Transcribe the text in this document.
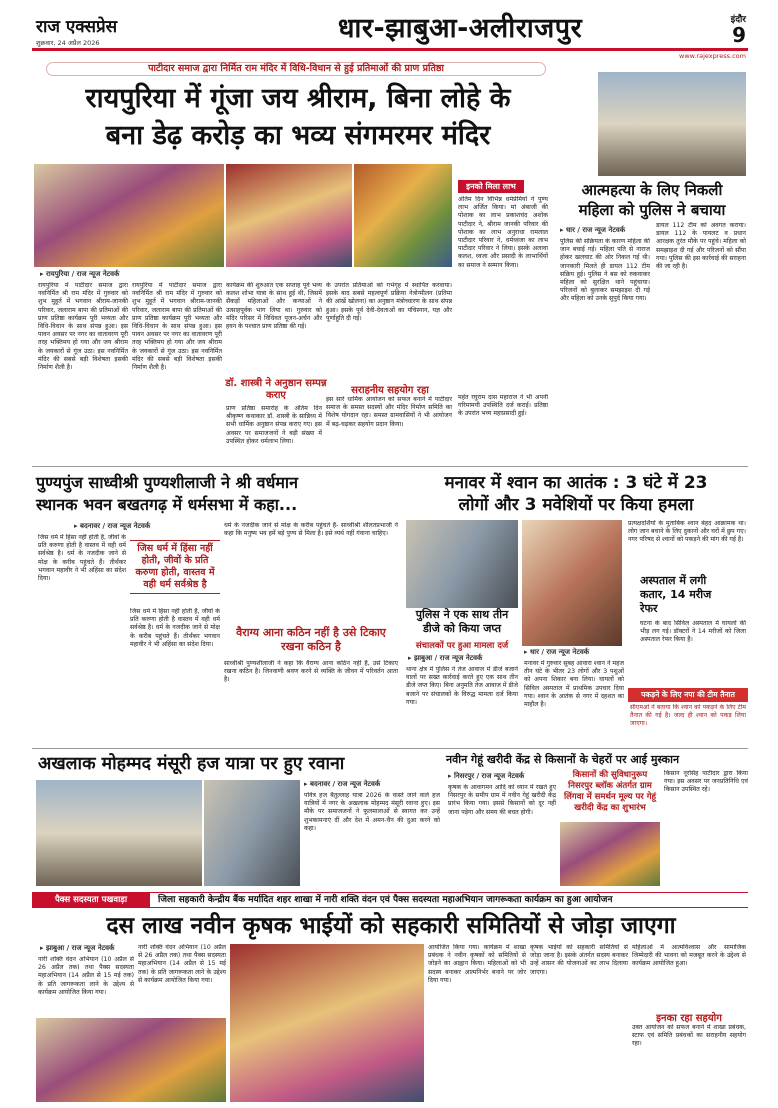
राज एक्सप्रेस
शुक्रवार, 24 अप्रैल 2026	धार-झाबुआ-अलीराजपुर	इंदौर
9
www.rajexpress.com
पाटीदार समाज द्वारा निर्मित राम मंदिर में विधि-विधान से हुई प्रतिमाओं की प्राण प्रतिष्ठा
रायपुरिया में गूंजा जय श्रीराम, बिना लोहे के
बना डेढ़ करोड़ का भव्य संगमरमर मंदिर
▸ रायपुरिया / राज न्यूज नेटवर्क
रायपुरिया में पाटीदार समाज द्वारा नवनिर्मित श्री राम मंदिर में गुरुवार को शुभ मुहूर्त में भगवान श्रीराम-जानकी परिवार, जलाराम बापा की प्रतिमाओं की प्राण प्रतिष्ठा कार्यक्रम पूरी भव्यता और विधि-विधान के साथ संपन्न हुआ। इस पावन अवसर पर नगर का वातावरण पूरी तरह भक्तिमय हो गया और जय श्रीराम के जयकारों से गूंज उठा। इस नवनिर्मित मंदिर की सबसे बड़ी विशेषता इसकी निर्माण शैली है।
रायपुरिया में पाटीदार समाज द्वारा नवनिर्मित श्री राम मंदिर में गुरुवार को शुभ मुहूर्त में भगवान श्रीराम-जानकी परिवार, जलाराम बापा की प्रतिमाओं की प्राण प्रतिष्ठा कार्यक्रम पूरी भव्यता और विधि-विधान के साथ संपन्न हुआ। इस पावन अवसर पर नगर का वातावरण पूरी तरह भक्तिमय हो गया और जय श्रीराम के जयकारों से गूंज उठा। इस नवनिर्मित मंदिर की सबसे बड़ी विशेषता इसकी निर्माण शैली है।
कार्यक्रम की शुरुआत एक सप्ताह पूर्व भव्य कलश शोभा यात्रा के साथ हुई थी, जिसमें सैकड़ों महिलाओं और कन्याओं ने उत्साहपूर्वक भाग लिया था। गुरुवार को मंदिर परिसर में विधिवत पूजन-अर्चन और हवन के पश्चात प्राण प्रतिष्ठा की गई।
डॉ. शास्त्री ने अनुष्ठान सम्पन्न कराए
प्राण प्रतिष्ठा समारोह के अंतिम दिन श्रीकृष्ण कथाकार डॉ. शास्त्री के सान्निध्य में सभी धार्मिक अनुष्ठान संपन्न कराए गए। इस अवसर पर समाजजनों ने बड़ी संख्या में उपस्थित होकर धर्मलाभ लिया।
के उपरांत प्रतिमाओं को गर्भगृह में स्थापित करवाया। इसके बाद सबसे महत्वपूर्ण प्रक्रिया नेत्रोन्मीलन (प्रतिमा की आंखें खोलना) का अनुष्ठान मंत्रोच्चारण के साथ संपन्न हुआ। इसके पूर्व देवी-देवताओं का पंचिस्नान, यज्ञ और पूर्णाहुति दी गई।
सराहनीय सहयोग रहा
इस सारे धार्मिक आयोजन को सफल बनाने में पाटीदार समाज के समस्त सदस्यों और मंदिर निर्माण समिति का विशेष योगदान रहा। समस्त ग्रामवासियों ने भी आयोजन में बढ़-चढ़कर सहयोग प्रदान किया।
इनको मिला लाभ
अंतिम दिन विभिन्न धर्मप्रेमियों ने पुण्य लाभ अर्जित किया। मां अंबाजी की पोशाक का लाभ प्रकाशचंद अशोक पाटीदार ने, श्रीराम जानकी परिवार की पोशाक का लाभ अनुराधा रामलाल पाटीदार परिवार ने, धर्मध्वजा का लाभ पाटीदार परिवार ने लिया। इसके अलावा कलश, ध्वजा और प्रसादी के लाभार्थियों का समाज ने सम्मान किया।
महंत रघुराम दास महाराज ने भी अपनी गरिमामयी उपस्थिति दर्ज कराई। प्रतिष्ठा के उपरांत भव्य महाप्रसादी हुई।
आत्महत्या के लिए निकली
महिला को पुलिस ने बचाया
▸ धार / राज न्यूज नेटवर्क
पुलिस की सक्रियता के कारण महिला की जान बचाई गई। महिला पति से नाराज होकर खलघाट की ओर निकल गई थी। जानकारी मिलते ही डायल 112 टीम सक्रिय हुई। पुलिस ने बस को रुकवाकर महिला को सुरक्षित थाने पहुंचाया। परिजनों को बुलाकर समझाइश दी गई और महिला को उनके सुपुर्द किया गया।
डायल 112 टीम को अवगत कराया। डायल 112 के पायलट व प्रधान आरक्षक तुरंत मौके पर पहुंचे। महिला को समझाइश दी गई और परिजनों को सौंपा गया। पुलिस की इस कार्रवाई की सराहना की जा रही है।
पुण्यपुंज साध्वीश्री पुण्यशीलाजी ने श्री वर्धमान
स्थानक भवन बखतगढ़ में धर्मसभा में कहा...
▸ बदनावर / राज न्यूज नेटवर्क
जिस धर्म में हिंसा नहीं होती है, जीवों के प्रति करुणा होती है वास्तव में वही धर्म सर्वश्रेष्ठ है। धर्म के नजदीक जाने से मोक्ष के करीब पहुंचते हैं। तीर्थंकर भगवान महावीर ने भी अहिंसा का संदेश दिया।
जिस धर्म में हिंसा नहीं होती, जीवों के प्रति करुणा होती, वास्तव में वही धर्म सर्वश्रेष्ठ है
जिस धर्म में हिंसा नहीं होती है, जीवों के प्रति करुणा होती है वास्तव में वही धर्म सर्वश्रेष्ठ है। धर्म के नजदीक जाने से मोक्ष के करीब पहुंचते हैं। तीर्थंकर भगवान महावीर ने भी अहिंसा का संदेश दिया।
धर्म के नजदीक जाने से मोक्ष के करीब पहुंचते हैं- साध्वीश्री शीलतप्रभाजी ने कहा कि मनुष्य भव हमें बड़े पुण्य से मिला है। इसे व्यर्थ नहीं गंवाना चाहिए।
वैराग्य आना कठिन नहीं है उसे टिकाए रखना कठिन है
साध्वीश्री पुण्यशीलाजी ने कहा कि वैराग्य आना कठिन नहीं है, उसे टिकाए रखना कठिन है। जिनवाणी श्रवण करने से व्यक्ति के जीवन में परिवर्तन आता है।
मनावर में श्वान का आतंक : 3 घंटे में 23
लोगों और 3 मवेशियों पर किया हमला
पुलिस ने एक साथ तीन
डीजे को किया जप्त
संचालकों पर हुआ मामला दर्ज
▸ झाबुआ / राज न्यूज नेटवर्क
थाना क्षेत्र में पुलिस ने तेज आवाज में डीजे बजाने वालों पर सख्त कार्रवाई करते हुए एक साथ तीन डीजे जप्त किए। बिना अनुमति तेज आवाज में डीजे बजाने पर संचालकों के विरुद्ध मामला दर्ज किया गया।
▸ धार / राज न्यूज नेटवर्क
मनावर में गुरुवार सुबह आवारा श्वान ने महज तीन घंटे के भीतर 23 लोगों और 3 पशुओं को अपना शिकार बना लिया। घायलों को सिविल अस्पताल में प्राथमिक उपचार दिया गया। श्वान के आतंक से नगर में दहशत का माहौल है।
प्रत्यक्षदर्शियों के मुताबिक श्वान बेहद आक्रामक था। लोग जान बचाने के लिए दुकानों और घरों में छुप गए। नगर परिषद से श्वानों को पकड़ने की मांग की गई है।
अस्पताल में लगी
कतार, 14 मरीज
रेफर
घटना के बाद सिविल अस्पताल में घायलों की भीड़ लग गई। डॉक्टरों ने 14 मरीजों को जिला अस्पताल रेफर किया है।
पकड़ने के लिए नपा की टीम तैनात
सीएमओ ने बताया कि श्वान को पकड़ने के लिए टीम तैनात की गई है। जल्द ही श्वान को पकड़ लिया जाएगा।
अखलाक मोहम्मद मंसूरी हज यात्रा पर हुए रवाना
▸ बदनावर / राज न्यूज नेटवर्क
पवित्र हज बैतुल्लाह यात्रा 2026 के वास्ते जाने वाले हज यात्रियों में नगर के अखलाक मोहम्मद मंसूरी रवाना हुए। इस मौके पर समाजजनों ने फूलमालाओं से स्वागत कर उन्हें शुभकामनाएं दीं और देश में अमन-चैन की दुआ करने को कहा।
नवीन गेहूं खरीदी केंद्र से किसानों के चेहरों पर आई मुस्कान
▸ निसरपुर / राज न्यूज नेटवर्क	किसानों की सुविधानुरूप निसरपुर ब्लॉक अंतर्गत ग्राम लिंगवा में समर्थन मूल्य पर गेहूं खरीदी केंद्र का शुभारंभ
कृषक के आवागमन आदि को ध्यान में रखते हुए निसरपुर के समीप ग्राम में नवीन गेहूं खरीदी केंद्र प्रारंभ किया गया। इससे किसानों को दूर नहीं जाना पड़ेगा और समय की बचत होगी।
किसान नूरसिंह पाटीदार द्वारा किया गया। इस अवसर पर जनप्रतिनिधि एवं किसान उपस्थित रहे।
पैक्स सदस्यता पखवाड़ा	जिला सहकारी केन्द्रीय बैंक मर्यादित शहर शाखा में नारी शक्ति वंदन एवं पैक्स सदस्यता महाअभियान जागरूकता कार्यक्रम का हुआ आयोजन
दस लाख नवीन कृषक भाईयों को सहकारी समितियों से जोड़ा जाएगा
▸ झाबुआ / राज न्यूज नेटवर्क
नारी शक्ति वंदन अभियान (10 अप्रैल से 26 अप्रैल तक) तथा पैक्स सदस्यता महाअभियान (14 अप्रैल से 15 मई तक) के प्रति जागरूकता लाने के उद्देश्य से कार्यक्रम आयोजित किया गया।
नारी शक्ति वंदन अभियान (10 अप्रैल से 26 अप्रैल तक) तथा पैक्स सदस्यता महाअभियान (14 अप्रैल से 15 मई तक) के प्रति जागरूकता लाने के उद्देश्य से कार्यक्रम आयोजित किया गया।
आयोजित किया गया। कार्यक्रम में शाखा प्रबंधक ने नवीन कृषकों को समितियों से जोड़ने का आह्वान किया। महिलाओं को भी सदस्य बनाकर आत्मनिर्भर बनाने पर जोर दिया गया।
कृषक भाईयों को सहकारी समितियों से जोड़ा जाना है। इसके अंतर्गत सदस्य बनाकर उन्हें शासन की योजनाओं का लाभ दिलाया जाएगा।
महिलाओं में आत्मविश्वास और सामाजिक जिम्मेदारी की भावना को मजबूत करने के उद्देश्य से कार्यक्रम आयोजित हुआ।
इनका रहा सहयोग
उक्त आयोजन को सफल बनाने में शाखा प्रबंधक, स्टाफ एवं समिति प्रबंधकों का सराहनीय सहयोग रहा।
